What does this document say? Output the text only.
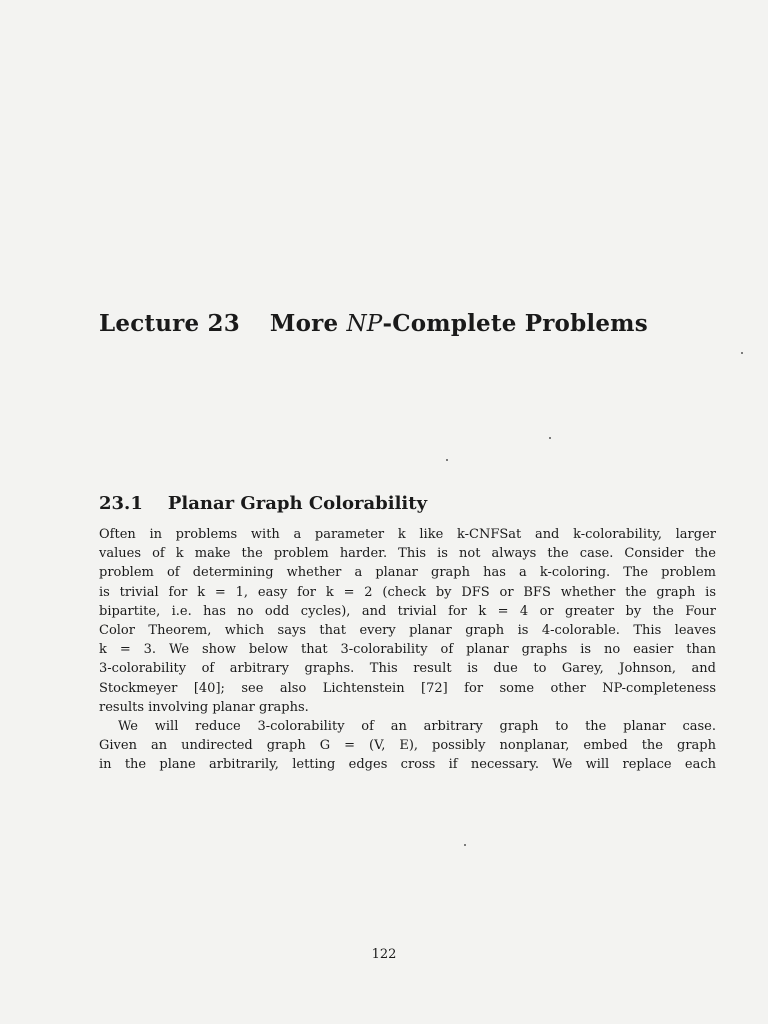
Lecture 23 More NP-Complete Problems
23.1 Planar Graph Colorability
Often in problems with a parameter k like k-CNFSat and k-colorability, larger
values of k make the problem harder. This is not always the case. Consider the
problem of determining whether a planar graph has a k-coloring. The problem
is trivial for k = 1, easy for k = 2 (check by DFS or BFS whether the graph is
bipartite, i.e. has no odd cycles), and trivial for k = 4 or greater by the Four
Color Theorem, which says that every planar graph is 4-colorable. This leaves
k = 3. We show below that 3-colorability of planar graphs is no easier than
3-colorability of arbitrary graphs. This result is due to Garey, Johnson, and
Stockmeyer [40]; see also Lichtenstein [72] for some other NP-completeness
results involving planar graphs.
We will reduce 3-colorability of an arbitrary graph to the planar case.
Given an undirected graph G = (V, E), possibly nonplanar, embed the graph
in the plane arbitrarily, letting edges cross if necessary. We will replace each
122
